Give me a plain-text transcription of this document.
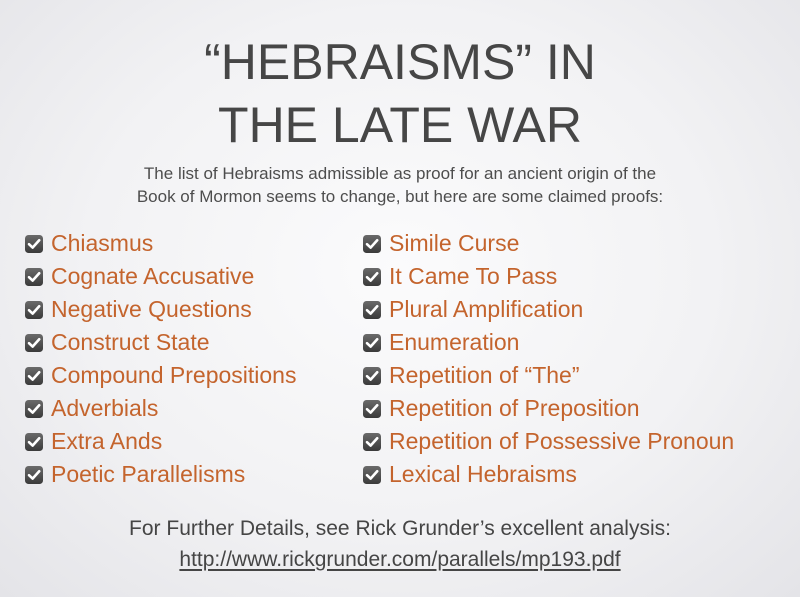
“HEBRAISMS” IN
THE LATE WAR
The list of Hebraisms admissible as proof for an ancient origin of the
Book of Mormon seems to change, but here are some claimed proofs:
Chiasmus
Cognate Accusative
Negative Questions
Construct State
Compound Prepositions
Adverbials
Extra Ands
Poetic Parallelisms
Simile Curse
It Came To Pass
Plural Amplification
Enumeration
Repetition of “The”
Repetition of Preposition
Repetition of Possessive Pronoun
Lexical Hebraisms
For Further Details, see Rick Grunder’s excellent analysis:
http://www.rickgrunder.com/parallels/mp193.pdf
